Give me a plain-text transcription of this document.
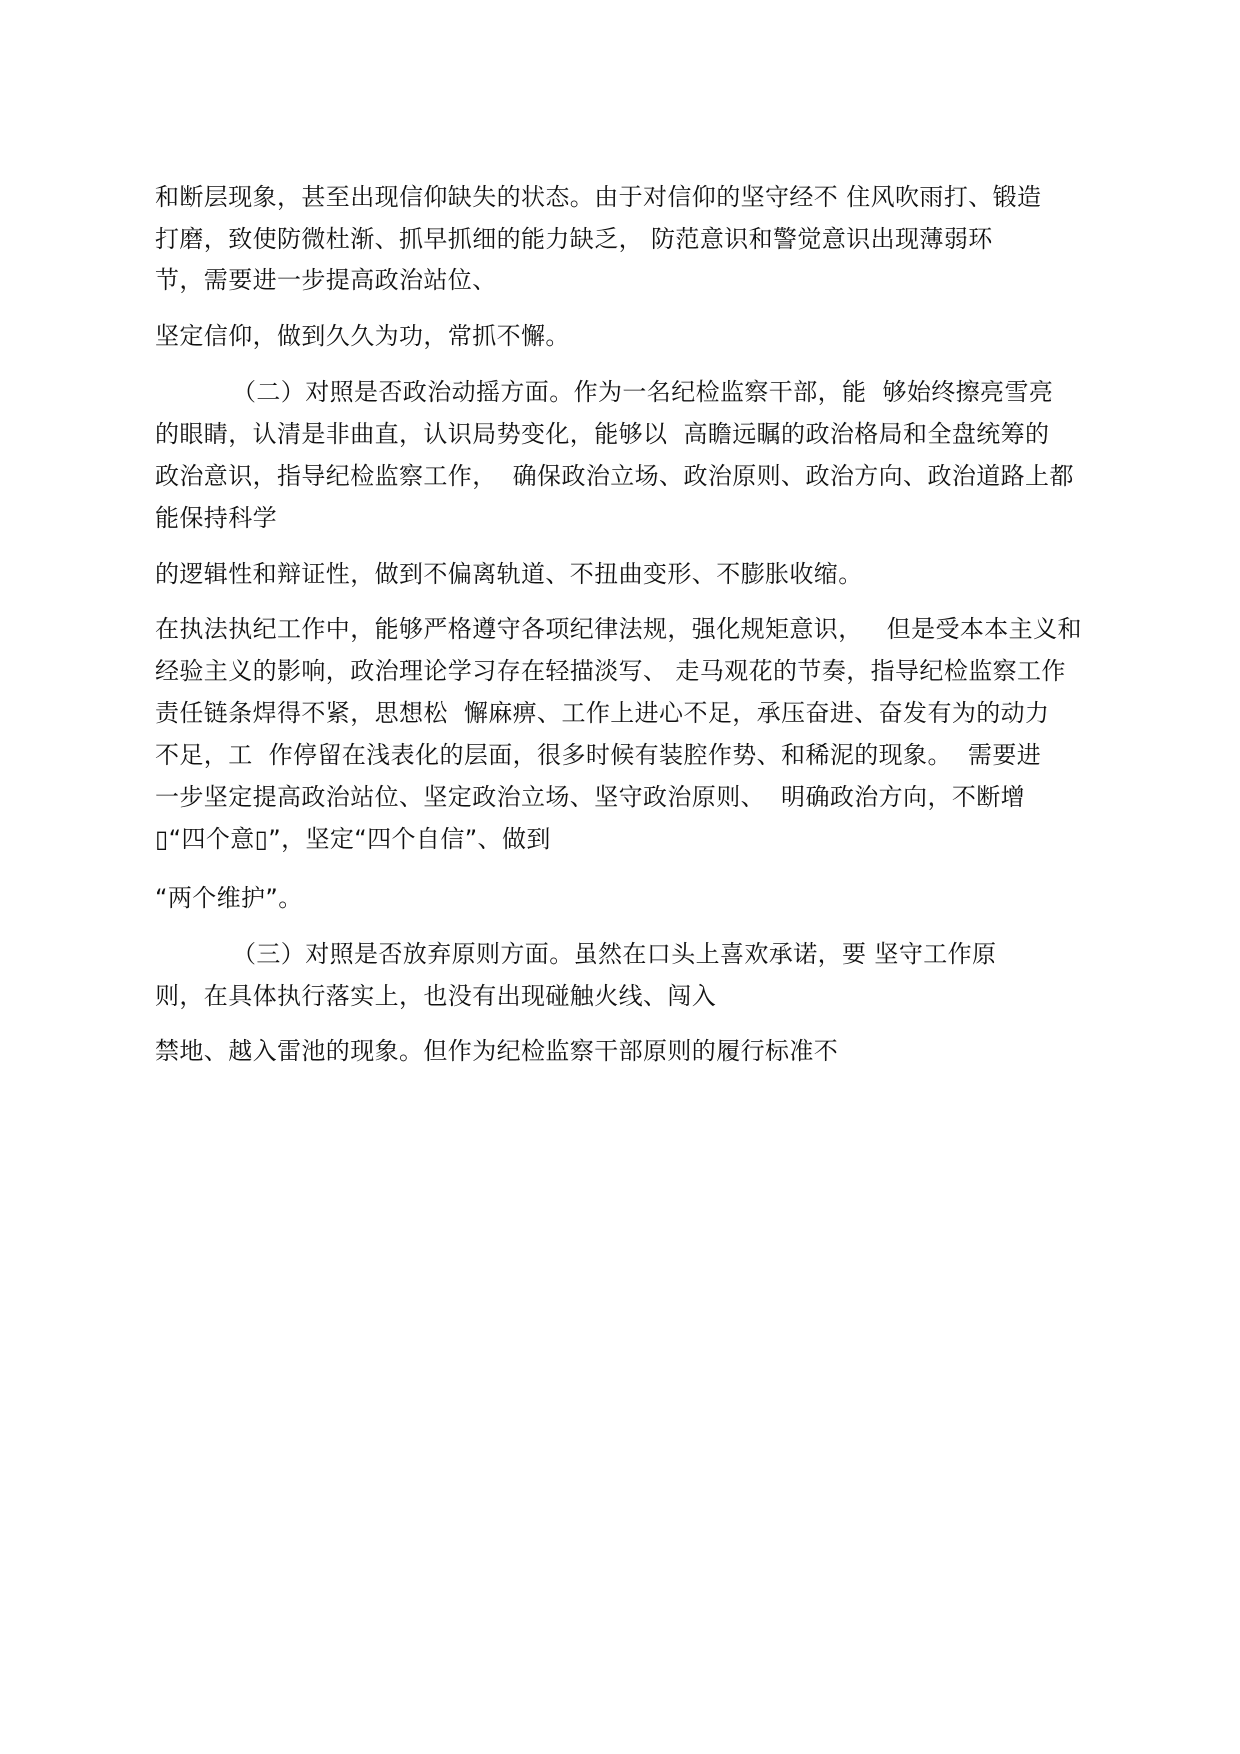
和断层现象，甚至出现信仰缺失的状态。由于对信仰的坚守经不 住风吹雨打、锻造

打磨，致使防微杜渐、抓早抓细的能力缺乏， 防范意识和警觉意识出现薄弱环

节，需要进一步提高政治站位、

坚定信仰，做到久久为功，常抓不懈。

（二）对照是否政治动摇方面。作为一名纪检监察干部，能  够始终擦亮雪亮

的眼睛，认清是非曲直，认识局势变化，能够以  高瞻远瞩的政治格局和全盘统筹的

政治意识，指导纪检监察工作，  确保政治立场、政治原则、政治方向、政治道路上都

能保持科学

的逻辑性和辩证性，做到不偏离轨道、不扭曲变形、不膨胀收缩。

在执法执纪工作中，能够严格遵守各项纪律法规，强化规矩意识，   但是受本本主义和

经验主义的影响，政治理论学习存在轻描淡写、 走马观花的节奏，指导纪检监察工作

责任链条焊得不紧，思想松  懈麻痹、工作上进心不足，承压奋进、奋发有为的动力

不足，工  作停留在浅表化的层面，很多时候有装腔作势、和稀泥的现象。  需要进

一步坚定提高政治站位、坚定政治立场、坚守政治原则、  明确政治方向，不断增

▯“四个意▯”，坚定“四个自信”、做到

“两个维护”。

（三）对照是否放弃原则方面。虽然在口头上喜欢承诺，要 坚守工作原

则，在具体执行落实上，也没有出现碰触火线、闯入

禁地、越入雷池的现象。但作为纪检监察干部原则的履行标准不
